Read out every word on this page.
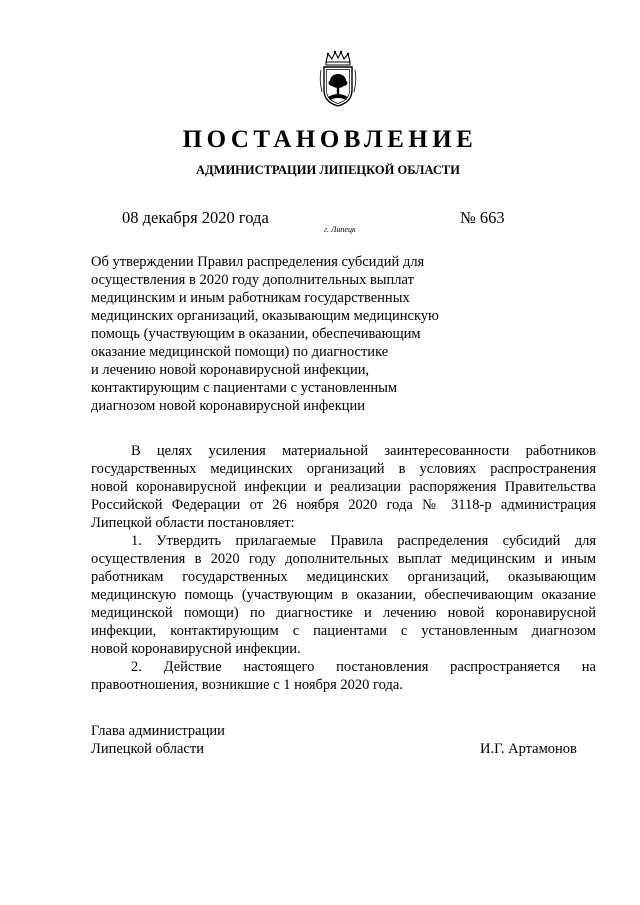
ПОСТАНОВЛЕНИЕ
АДМИНИСТРАЦИИ ЛИПЕЦКОЙ ОБЛАСТИ
08 декабря 2020 года
г. Липецк
№ 663
Об утверждении Правил распределения субсидий для
осуществления в 2020 году дополнительных выплат
медицинским и иным работникам государственных
медицинских организаций, оказывающим медицинскую
помощь (участвующим в оказании, обеспечивающим
оказание медицинской помощи) по диагностике
и лечению новой коронавирусной инфекции,
контактирующим с пациентами с установленным
диагнозом новой коронавирусной инфекции
В целях усиления материальной заинтересованности работников
государственных медицинских организаций в условиях распространения
новой коронавирусной инфекции и реализации распоряжения Правительства
Российской Федерации от 26 ноября 2020 года № 3118-р администрация
Липецкой области постановляет:
1. Утвердить прилагаемые Правила распределения субсидий для
осуществления в 2020 году дополнительных выплат медицинским и иным
работникам государственных медицинских организаций, оказывающим
медицинскую помощь (участвующим в оказании, обеспечивающим оказание
медицинской помощи) по диагностике и лечению новой коронавирусной
инфекции, контактирующим с пациентами с установленным диагнозом
новой коронавирусной инфекции.
2. Действие настоящего постановления распространяется на
правоотношения, возникшие с 1 ноября 2020 года.
Глава администрации
Липецкой области	И.Г. Артамонов
